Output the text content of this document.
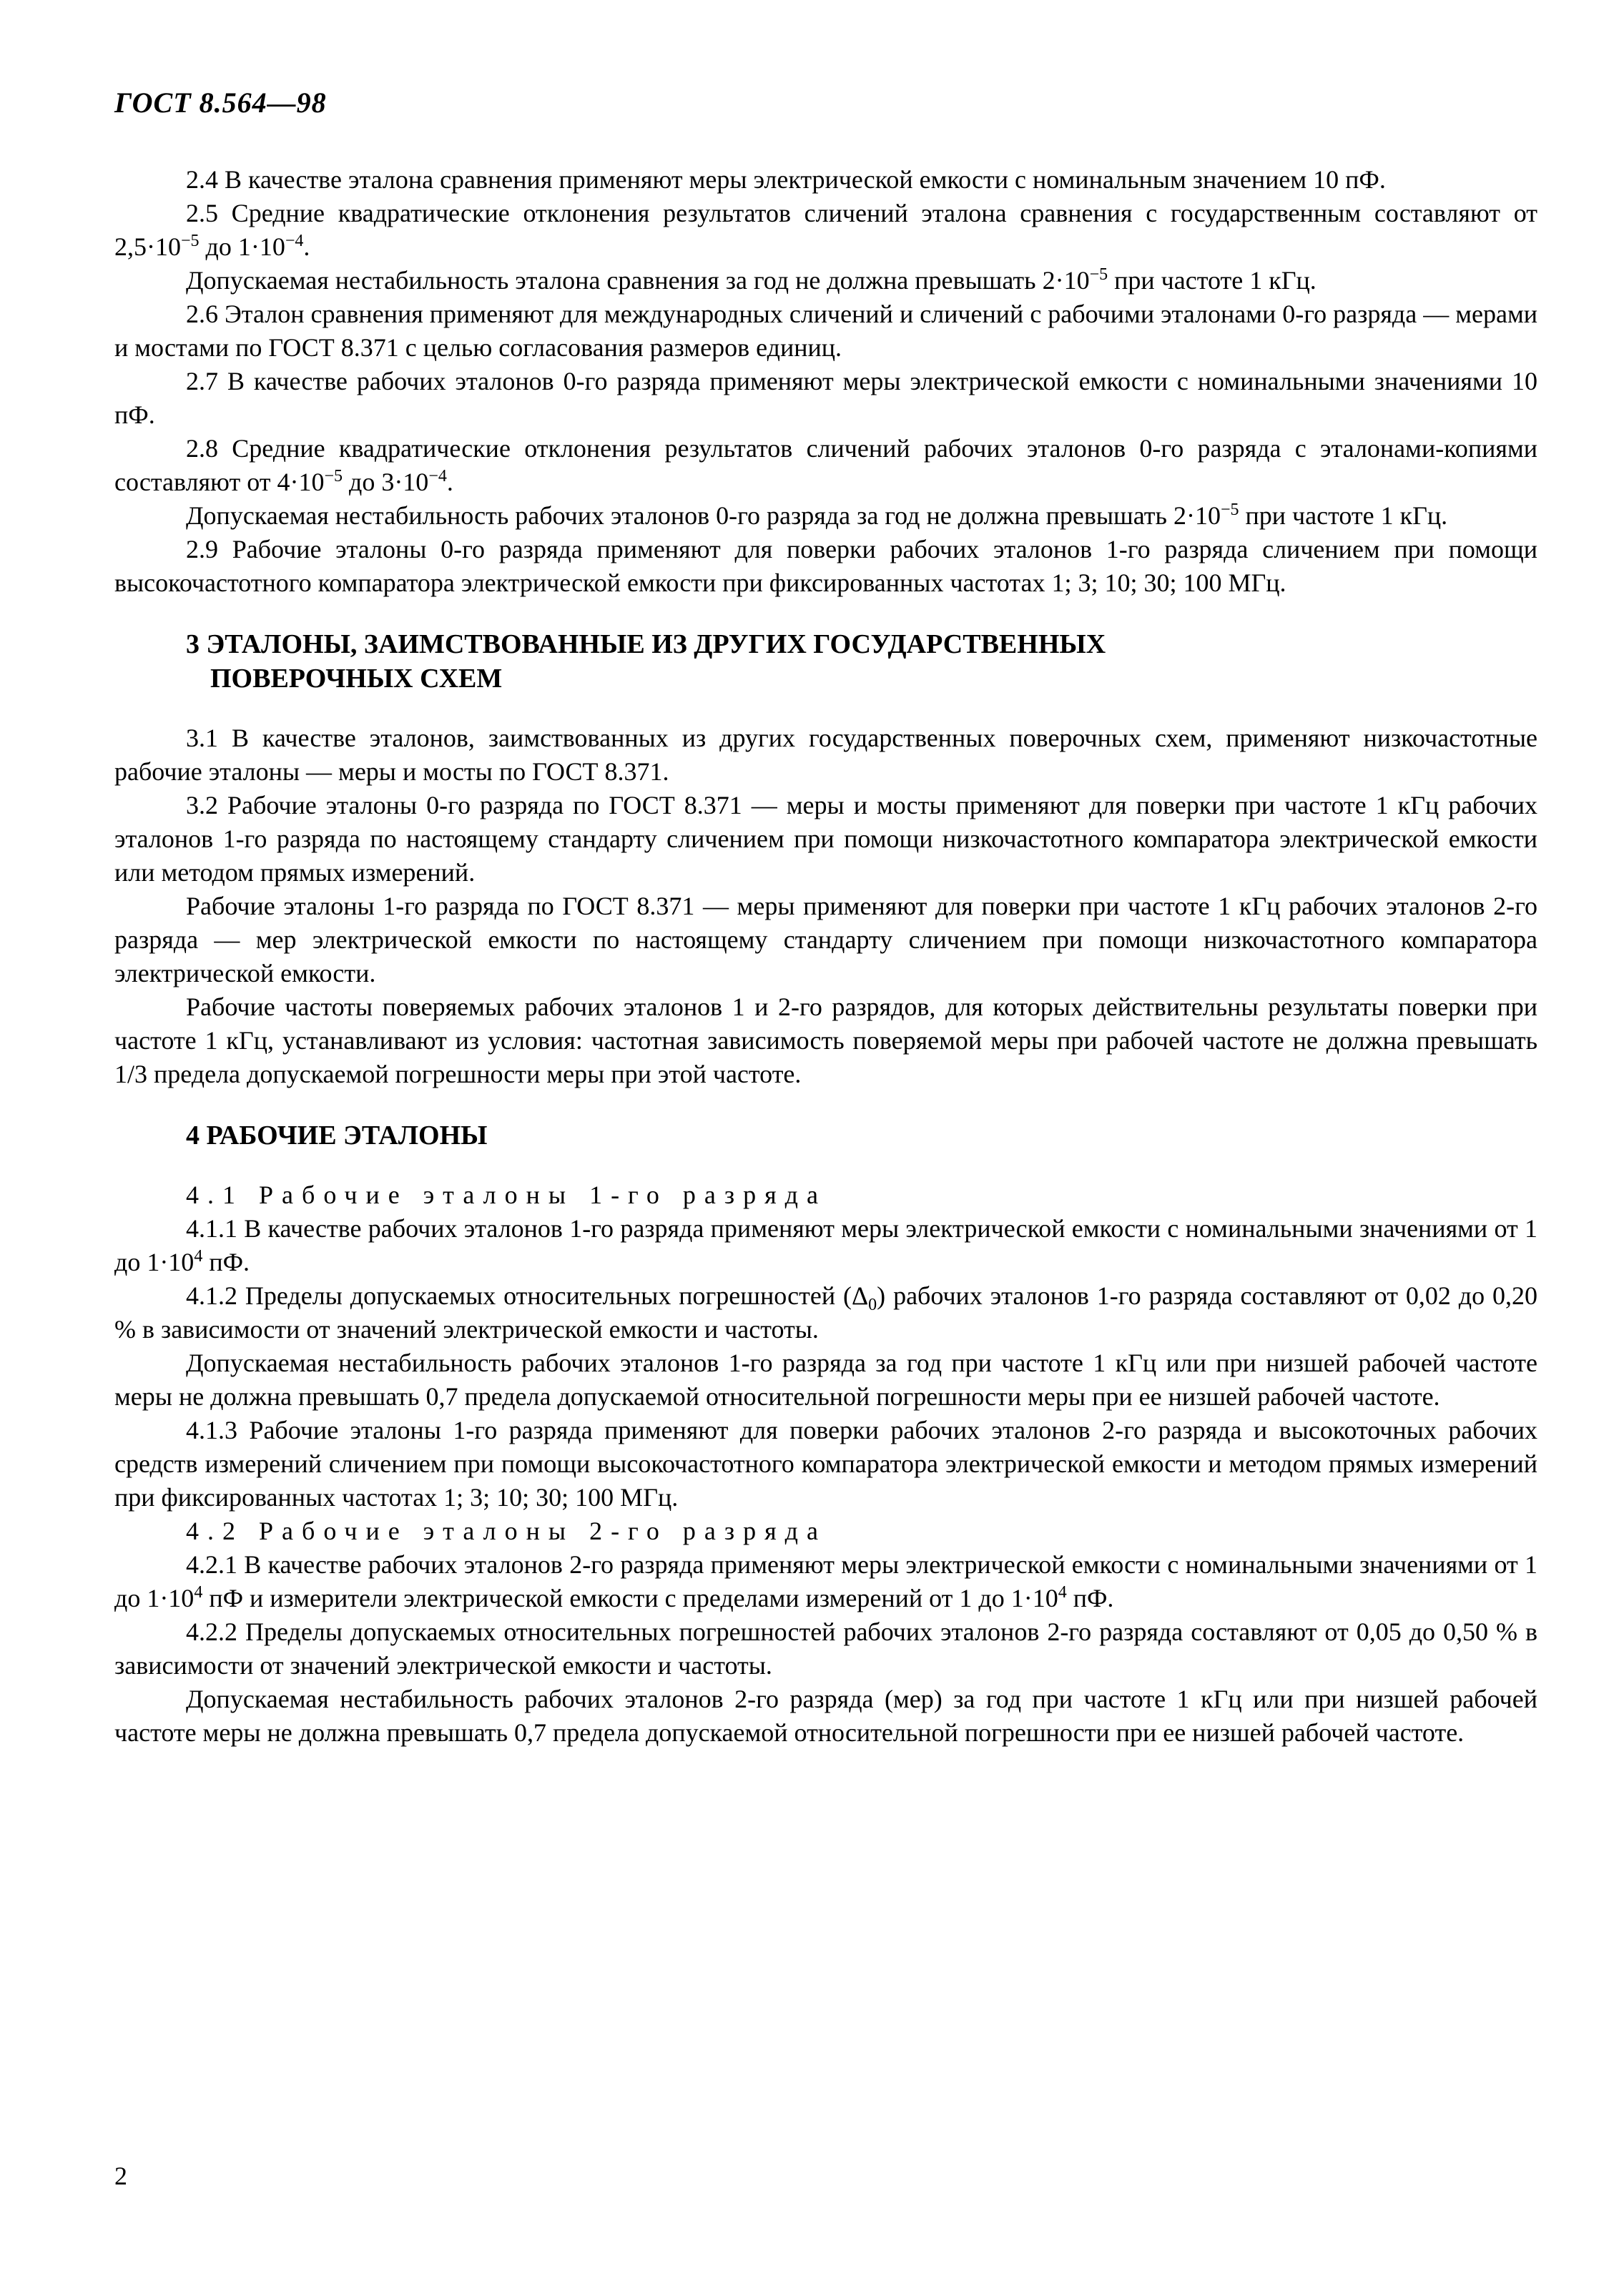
ГОСТ 8.564—98

2.4 В качестве эталона сравнения применяют меры электрической емкости с номинальным значением 10 пФ.

2.5 Средние квадратические отклонения результатов сличений эталона сравнения с государственным составляют от $2,5\cdot 10^{-5}$ до $1\cdot 10^{-4}$.

Допускаемая нестабильность эталона сравнения за год не должна превышать $2\cdot 10^{-5}$ при частоте 1 кГц.

2.6 Эталон сравнения применяют для международных сличений и сличений с рабочими эталонами 0-го разряда — мерами и мостами по ГОСТ 8.371 с целью согласования размеров единиц.

2.7 В качестве рабочих эталонов 0-го разряда применяют меры электрической емкости с номинальными значениями 10 пФ.

2.8 Средние квадратические отклонения результатов сличений рабочих эталонов 0-го разряда с эталонами-копиями составляют от $4\cdot 10^{-5}$ до $3\cdot 10^{-4}$.

Допускаемая нестабильность рабочих эталонов 0-го разряда за год не должна превышать $2\cdot 10^{-5}$ при частоте 1 кГц.

2.9 Рабочие эталоны 0-го разряда применяют для поверки рабочих эталонов 1-го разряда сличением при помощи высокочастотного компаратора электрической емкости при фиксированных частотах 1; 3; 10; 30; 100 МГц.

3 ЭТАЛОНЫ, ЗАИМСТВОВАННЫЕ ИЗ ДРУГИХ ГОСУДАРСТВЕННЫХ
ПОВЕРОЧНЫХ СХЕМ

3.1 В качестве эталонов, заимствованных из других государственных поверочных схем, применяют низкочастотные рабочие эталоны — меры и мосты по ГОСТ 8.371.

3.2 Рабочие эталоны 0-го разряда по ГОСТ 8.371 — меры и мосты применяют для поверки при частоте 1 кГц рабочих эталонов 1-го разряда по настоящему стандарту сличением при помощи низкочастотного компаратора электрической емкости или методом прямых измерений.

Рабочие эталоны 1-го разряда по ГОСТ 8.371 — меры применяют для поверки при частоте 1 кГц рабочих эталонов 2-го разряда — мер электрической емкости по настоящему стандарту сличением при помощи низкочастотного компаратора электрической емкости.

Рабочие частоты поверяемых рабочих эталонов 1 и 2-го разрядов, для которых действительны результаты поверки при частоте 1 кГц, устанавливают из условия: частотная зависимость поверяемой меры при рабочей частоте не должна превышать 1/3 предела допускаемой погрешности меры при этой частоте.

4 РАБОЧИЕ ЭТАЛОНЫ

4.1 Рабочие эталоны 1-го разряда

4.1.1 В качестве рабочих эталонов 1-го разряда применяют меры электрической емкости с номинальными значениями от 1 до $1\cdot 10^4$ пФ.

4.1.2 Пределы допускаемых относительных погрешностей $(\Delta_0)$ рабочих эталонов 1-го разряда составляют от 0,02 до 0,20 % в зависимости от значений электрической емкости и частоты.

Допускаемая нестабильность рабочих эталонов 1-го разряда за год при частоте 1 кГц или при низшей рабочей частоте меры не должна превышать 0,7 предела допускаемой относительной погрешности меры при ее низшей рабочей частоте.

4.1.3 Рабочие эталоны 1-го разряда применяют для поверки рабочих эталонов 2-го разряда и высокоточных рабочих средств измерений сличением при помощи высокочастотного компаратора электрической емкости и методом прямых измерений при фиксированных частотах 1; 3; 10; 30; 100 МГц.

4.2 Рабочие эталоны 2-го разряда

4.2.1 В качестве рабочих эталонов 2-го разряда применяют меры электрической емкости с номинальными значениями от 1 до $1\cdot 10^4$ пФ и измерители электрической емкости с пределами измерений от 1 до $1\cdot 10^4$ пФ.

4.2.2 Пределы допускаемых относительных погрешностей рабочих эталонов 2-го разряда составляют от 0,05 до 0,50 % в зависимости от значений электрической емкости и частоты.

Допускаемая нестабильность рабочих эталонов 2-го разряда (мер) за год при частоте 1 кГц или при низшей рабочей частоте меры не должна превышать 0,7 предела допускаемой относительной погрешности при ее низшей рабочей частоте.

2
